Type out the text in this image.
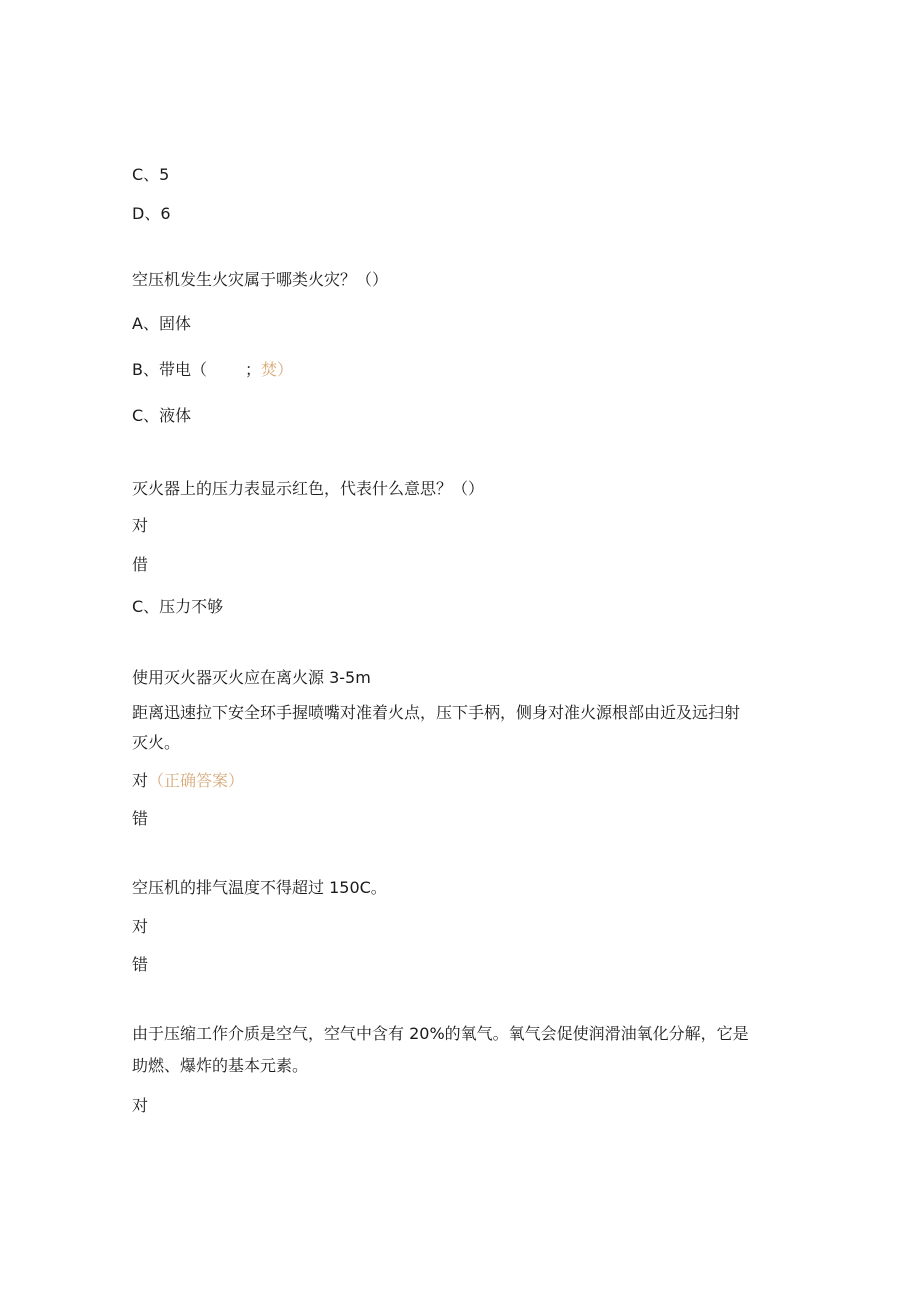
C、5
D、6
空压机发生火灾属于哪类火灾？（）
A、固体
B、带电（ ；焚）
C、液体
灭火器上的压力表显示红色，代表什么意思？（）
对
借
C、压力不够
使用灭火器灭火应在离火源 3-5m
距离迅速拉下安全环手握喷嘴对准着火点，压下手柄，侧身对准火源根部由近及远扫射
灭火。
对（正确答案）
错
空压机的排气温度不得超过 150C。
对
错
由于压缩工作介质是空气，空气中含有 20%的氧气。氧气会促使润滑油氧化分解，它是
助燃、爆炸的基本元素。
对
